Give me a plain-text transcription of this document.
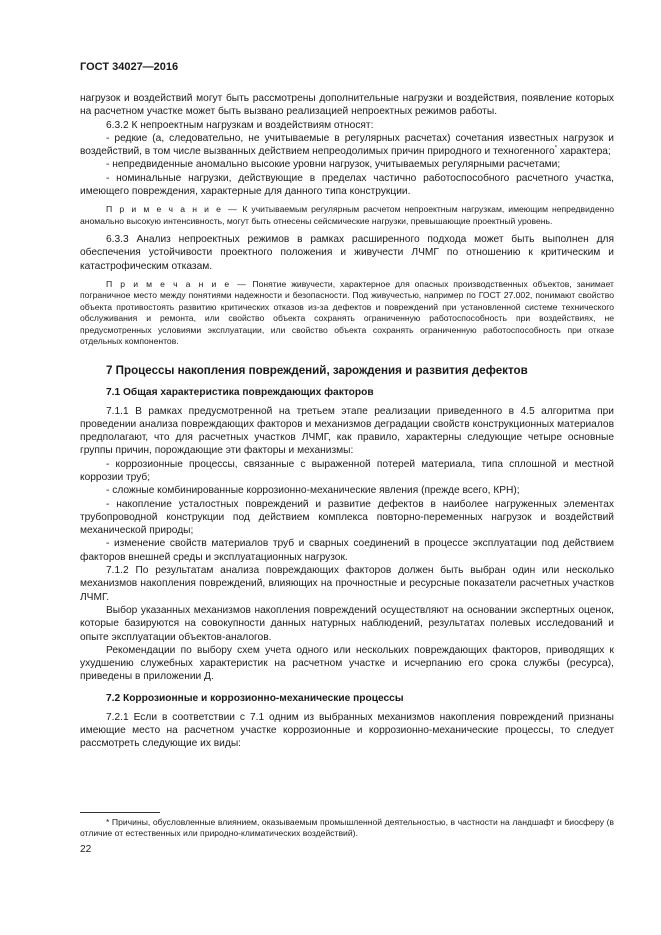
ГОСТ 34027—2016

нагрузок и воздействий могут быть рассмотрены дополнительные нагрузки и воздействия, появление которых на расчетном участке может быть вызвано реализацией непроектных режимов работы.

6.3.2 К непроектным нагрузкам и воздействиям относят:

- редкие (а, следовательно, не учитываемые в регулярных расчетах) сочетания известных нагрузок и воздействий, в том числе вызванных действием непреодолимых причин природного и техногенного* характера;

- непредвиденные аномально высокие уровни нагрузок, учитываемых регулярными расчетами;

- номинальные нагрузки, действующие в пределах частично работоспособного расчетного участка, имеющего повреждения, характерные для данного типа конструкции.

П р и м е ч а н и е — К учитываемым регулярным расчетом непроектным нагрузкам, имеющим непредвиденно аномально высокую интенсивность, могут быть отнесены сейсмические нагрузки, превышающие проектный уровень.

6.3.3 Анализ непроектных режимов в рамках расширенного подхода может быть выполнен для обеспечения устойчивости проектного положения и живучести ЛЧМГ по отношению к критическим и катастрофическим отказам.

П р и м е ч а н и е — Понятие живучести, характерное для опасных производственных объектов, занимает пограничное место между понятиями надежности и безопасности. Под живучестью, например по ГОСТ 27.002, понимают свойство объекта противостоять развитию критических отказов из-за дефектов и повреждений при установленной системе технического обслуживания и ремонта, или свойство объекта сохранять ограниченную работоспособность при воздействиях, не предусмотренных условиями эксплуатации, или свойство объекта сохранять ограниченную работоспособность при отказе отдельных компонентов.

7 Процессы накопления повреждений, зарождения и развития дефектов
7.1 Общая характеристика повреждающих факторов

7.1.1 В рамках предусмотренной на третьем этапе реализации приведенного в 4.5 алгоритма при проведении анализа повреждающих факторов и механизмов деградации свойств конструкционных материалов предполагают, что для расчетных участков ЛЧМГ, как правило, характерны следующие четыре основные группы причин, порождающие эти факторы и механизмы:

- коррозионные процессы, связанные с выраженной потерей материала, типа сплошной и местной коррозии труб;

- сложные комбинированные коррозионно-механические явления (прежде всего, КРН);

- накопление усталостных повреждений и развитие дефектов в наиболее нагруженных элементах трубопроводной конструкции под действием комплекса повторно-переменных нагрузок и воздействий механической природы;

- изменение свойств материалов труб и сварных соединений в процессе эксплуатации под действием факторов внешней среды и эксплуатационных нагрузок.

7.1.2 По результатам анализа повреждающих факторов должен быть выбран один или несколько механизмов накопления повреждений, влияющих на прочностные и ресурсные показатели расчетных участков ЛЧМГ.

Выбор указанных механизмов накопления повреждений осуществляют на основании экспертных оценок, которые базируются на совокупности данных натурных наблюдений, результатах полевых исследований и опыте эксплуатации объектов-аналогов.

Рекомендации по выбору схем учета одного или нескольких повреждающих факторов, приводящих к ухудшению служебных характеристик на расчетном участке и исчерпанию его срока службы (ресурса), приведены в приложении Д.

7.2 Коррозионные и коррозионно-механические процессы

7.2.1 Если в соответствии с 7.1 одним из выбранных механизмов накопления повреждений признаны имеющие место на расчетном участке коррозионные и коррозионно-механические процессы, то следует рассмотреть следующие их виды:

* Причины, обусловленные влиянием, оказываемым промышленной деятельностью, в частности на ландшафт и биосферу (в отличие от естественных или природно-климатических воздействий).

22
